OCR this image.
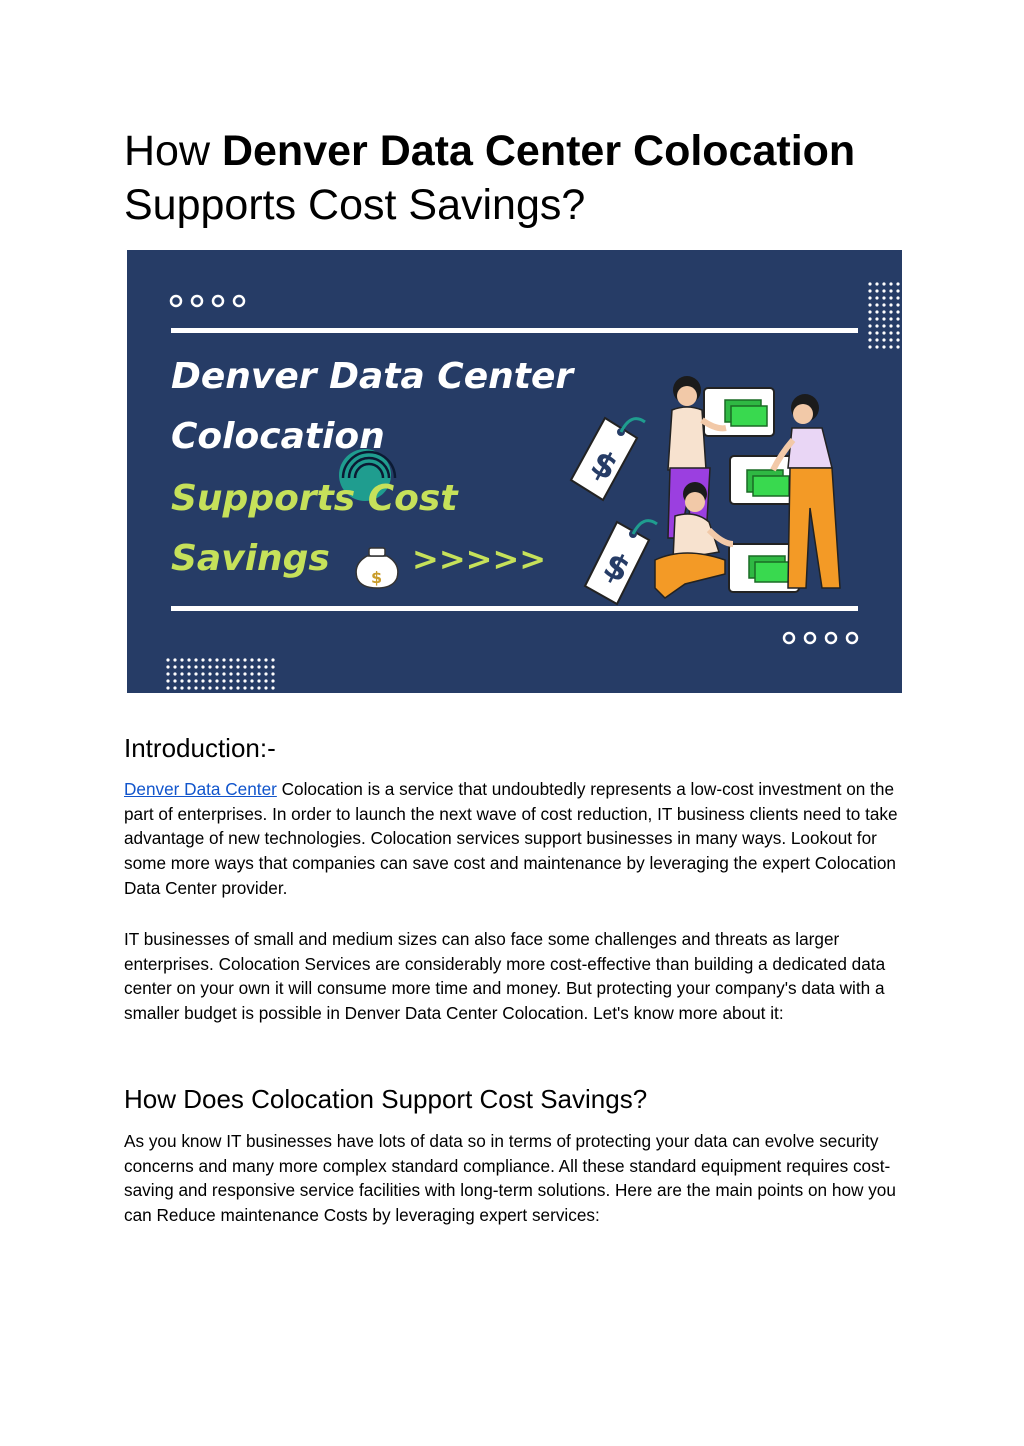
How Denver Data Center Colocation
Supports Cost Savings?
Denver Data Center
Colocation
Supports Cost
Savings	>>>>>
$
$
$
Introduction:-

Denver Data Center Colocation is a service that undoubtedly represents a low-cost investment on the part of enterprises. In order to launch the next wave of cost reduction, IT business clients need to take advantage of new technologies. Colocation services support businesses in many ways. Lookout for some more ways that companies can save cost and maintenance by leveraging the expert Colocation Data Center provider.

IT businesses of small and medium sizes can also face some challenges and threats as larger enterprises. Colocation Services are considerably more cost-effective than building a dedicated data center on your own it will consume more time and money. But protecting your company's data with a smaller budget is possible in Denver Data Center Colocation. Let's know more about it:

How Does Colocation Support Cost Savings?

As you know IT businesses have lots of data so in terms of protecting your data can evolve security concerns and many more complex standard compliance. All these standard equipment requires cost-saving and responsive service facilities with long-term solutions. Here are the main points on how you can Reduce maintenance Costs by leveraging expert services:
